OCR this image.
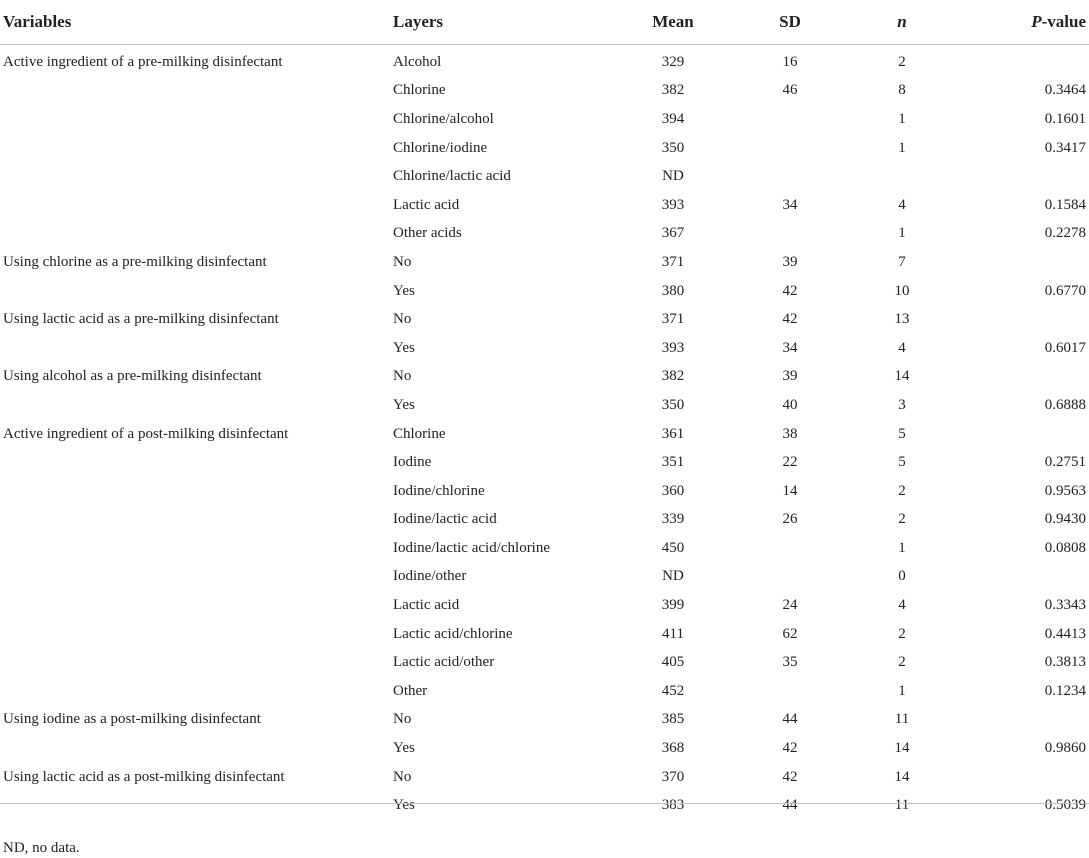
Variables	Layers	Mean	SD	n	P-value
Active ingredient of a pre-milking disinfectant	Alcohol	329	16	2	
	Chlorine	382	46	8	0.3464
	Chlorine/alcohol	394		1	0.1601
	Chlorine/iodine	350		1	0.3417
	Chlorine/lactic acid	ND			
	Lactic acid	393	34	4	0.1584
	Other acids	367		1	0.2278
Using chlorine as a pre-milking disinfectant	No	371	39	7	
	Yes	380	42	10	0.6770
Using lactic acid as a pre-milking disinfectant	No	371	42	13	
	Yes	393	34	4	0.6017
Using alcohol as a pre-milking disinfectant	No	382	39	14	
	Yes	350	40	3	0.6888
Active ingredient of a post-milking disinfectant	Chlorine	361	38	5	
	Iodine	351	22	5	0.2751
	Iodine/chlorine	360	14	2	0.9563
	Iodine/lactic acid	339	26	2	0.9430
	Iodine/lactic acid/chlorine	450		1	0.0808
	Iodine/other	ND		0	
	Lactic acid	399	24	4	0.3343
	Lactic acid/chlorine	411	62	2	0.4413
	Lactic acid/other	405	35	2	0.3813
	Other	452		1	0.1234
Using iodine as a post-milking disinfectant	No	385	44	11	
	Yes	368	42	14	0.9860
Using lactic acid as a post-milking disinfectant	No	370	42	14	
	Yes	383	44	11	0.5039
ND, no data.
